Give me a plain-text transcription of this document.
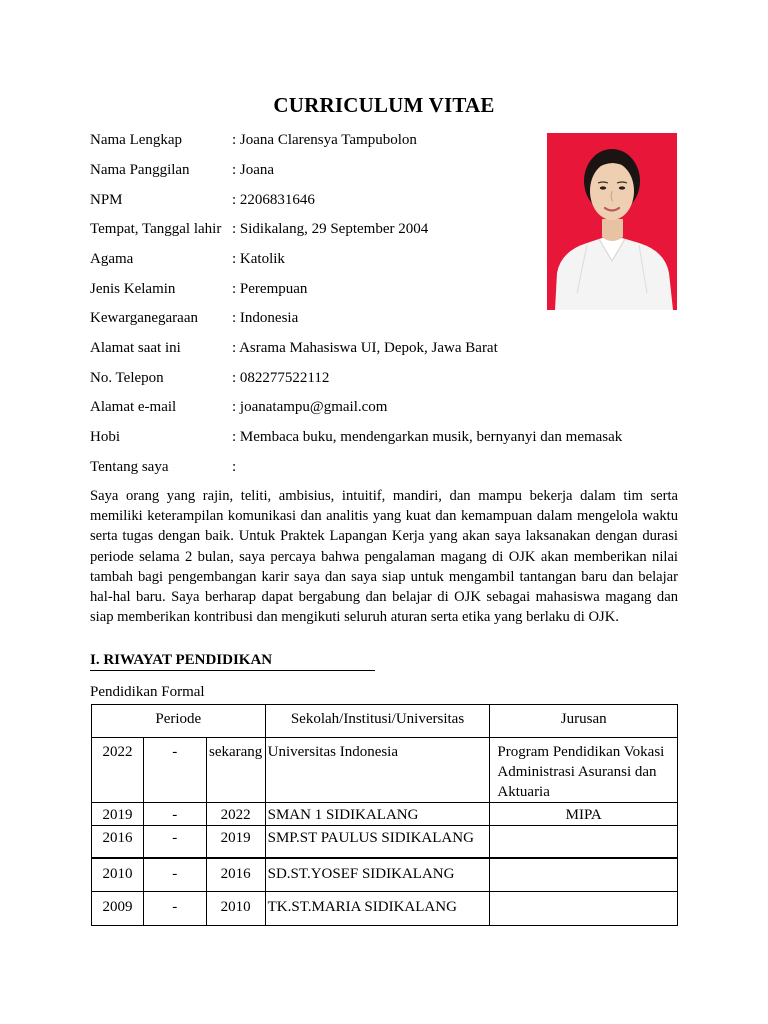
CURRICULUM VITAE
Nama Lengkap	: Joana Clarensya Tampubolon
Nama Panggilan	: Joana
NPM	: 2206831646
Tempat, Tanggal lahir : Sidikalang, 29 September 2004
Agama	: Katolik
Jenis Kelamin	: Perempuan
Kewarganegaraan : Indonesia
Alamat saat ini	: Asrama Mahasiswa UI, Depok, Jawa Barat
No. Telepon	: 082277522112
Alamat e-mail	: joanatampu@gmail.com
Hobi	: Membaca buku, mendengarkan musik, bernyanyi dan memasak
Tentang saya	:
Saya orang yang rajin, teliti, ambisius, intuitif, mandiri, dan mampu bekerja dalam tim serta memiliki keterampilan komunikasi dan analitis yang kuat dan kemampuan dalam mengelola waktu serta tugas dengan baik. Untuk Praktek Lapangan Kerja yang akan saya laksanakan dengan durasi periode selama 2 bulan, saya percaya bahwa pengalaman magang di OJK akan memberikan nilai tambah bagi pengembangan karir saya dan saya siap untuk mengambil tantangan baru dan belajar hal-hal baru. Saya berharap dapat bergabung dan belajar di OJK sebagai mahasiswa magang dan siap memberikan kontribusi dan mengikuti seluruh aturan serta etika yang berlaku di OJK.
I. RIWAYAT PENDIDIKAN
Pendidikan Formal
Periode			Sekolah/Institusi/Universitas	Jurusan

2022	-	sekarang	Universitas Indonesia	Program Pendidikan Vokasi Administrasi Asuransi dan Aktuaria

2019	-	2022	SMAN 1 SIDIKALANG	MIPA

2016	-	2019	SMP.ST PAULUS SIDIKALANG	

2010	-	2016	SD.ST.YOSEF SIDIKALANG	

2009	-	2010	TK.ST.MARIA SIDIKALANG	
